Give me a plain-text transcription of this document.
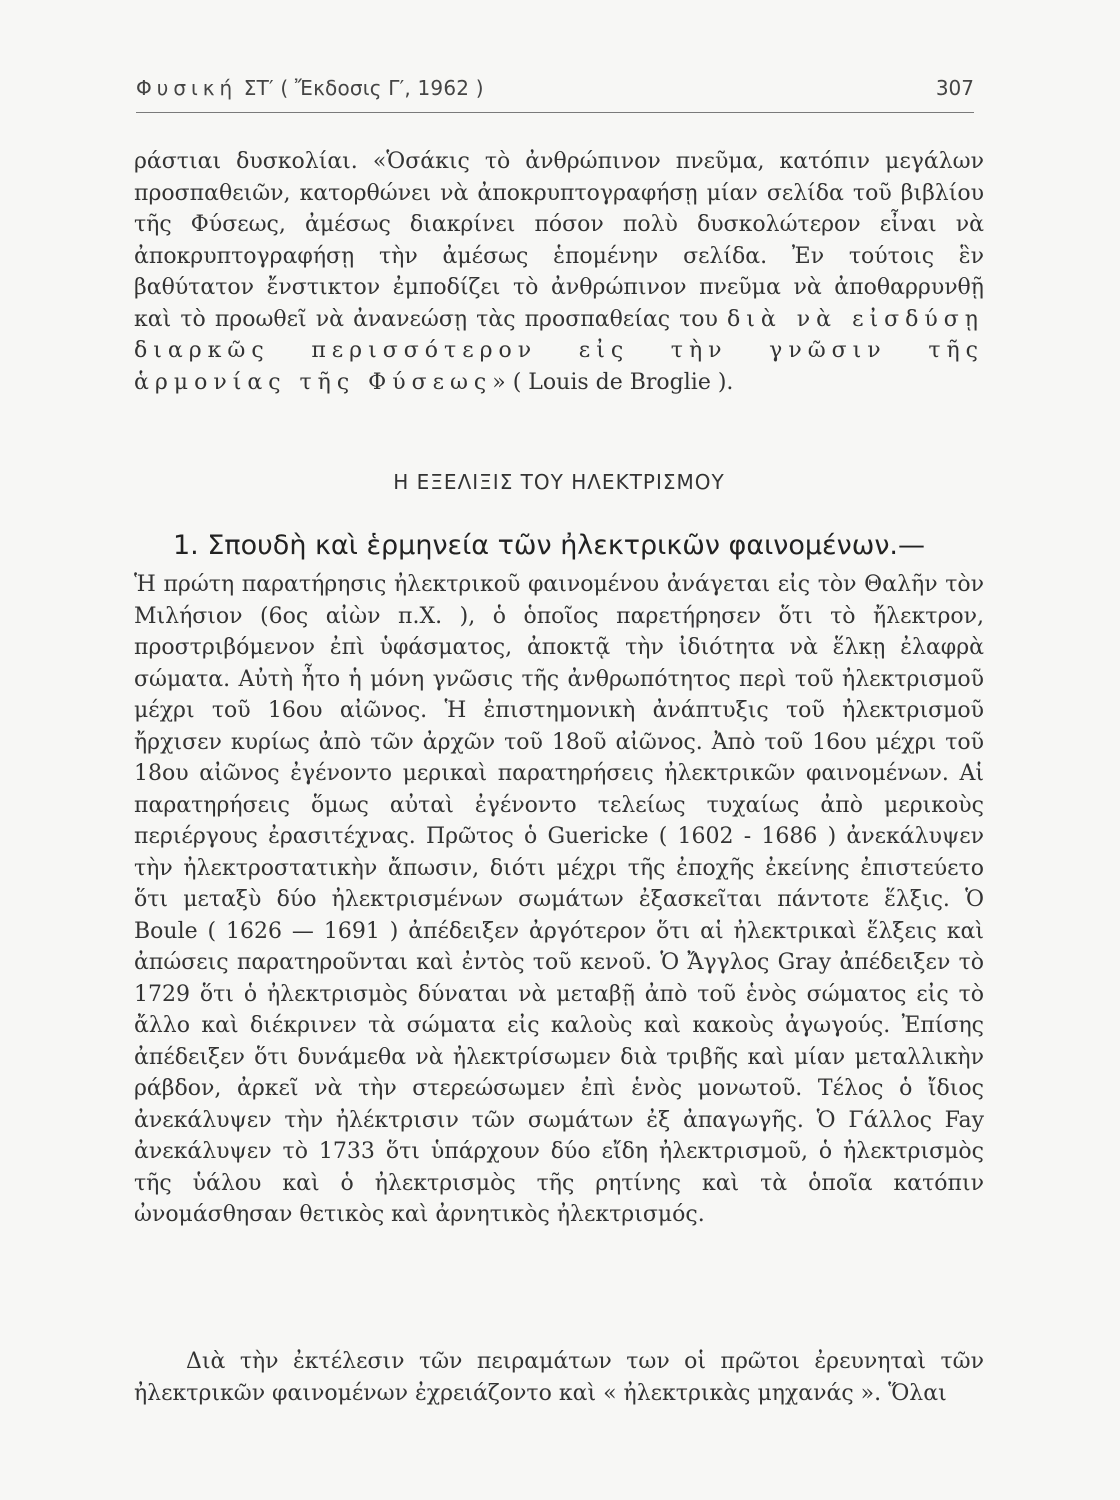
Φυσική ΣΤ′ ( Ἔκδοσις Γ′, 1962 )	307
ράστιαι δυσκολίαι. «Ὁσάκις τὸ ἀνθρώπινον πνεῦμα, κατόπιν μεγάλων προσπαθειῶν, κατορθώνει νὰ ἀποκρυπτογραφήσῃ μίαν σελίδα τοῦ βιβλίου τῆς Φύσεως, ἀμέσως διακρίνει πόσον πολὺ δυσκολώτερον εἶναι νὰ ἀποκρυπτογραφήσῃ τὴν ἀμέσως ἑπομένην σελίδα. Ἐν τούτοις ἓν βαθύτατον ἔνστικτον ἐμποδίζει τὸ ἀνθρώπινον πνεῦμα νὰ ἀποθαρρυνθῇ καὶ τὸ προωθεῖ νὰ ἀνανεώσῃ τὰς προσπαθείας του διὰ νὰ εἰσδύσῃ διαρκῶς περισσότερον εἰς τὴν γνῶσιν τῆς ἁρμονίας τῆς Φύσεως» ( Louis de Broglie ).
Η ΕΞΕΛΙΞΙΣ ΤΟΥ ΗΛΕΚΤΡΙΣΜΟΥ
1. Σπουδὴ καὶ ἑρμηνεία τῶν ἠλεκτρικῶν φαινομένων.—
Ἡ πρώτη παρατήρησις ἠλεκτρικοῦ φαινομένου ἀνάγεται εἰς τὸν Θαλῆν τὸν Μιλήσιον (6ος αἰὼν π.Χ. ), ὁ ὁποῖος παρετήρησεν ὅτι τὸ ἤλεκτρον, προστριβόμενον ἐπὶ ὑφάσματος, ἀποκτᾷ τὴν ἰδιότητα νὰ ἕλκῃ ἐλαφρὰ σώματα. Αὐτὴ ἦτο ἡ μόνη γνῶσις τῆς ἀνθρωπότητος περὶ τοῦ ἠλεκτρισμοῦ μέχρι τοῦ 16ου αἰῶνος. Ἡ ἐπιστημονικὴ ἀνάπτυξις τοῦ ἠλεκτρισμοῦ ἤρχισεν κυρίως ἀπὸ τῶν ἀρχῶν τοῦ 18οῦ αἰῶνος. Ἀπὸ τοῦ 16ου μέχρι τοῦ 18ου αἰῶνος ἐγένοντο μερικαὶ παρατηρήσεις ἠλεκτρικῶν φαινομένων. Αἱ παρατηρήσεις ὅμως αὐταὶ ἐγένοντο τελείως τυχαίως ἀπὸ μερικοὺς περιέργους ἐρασιτέχνας. Πρῶτος ὁ Guericke ( 1602 - 1686 ) ἀνεκάλυψεν τὴν ἠλεκτροστατικὴν ἄπωσιν, διότι μέχρι τῆς ἐποχῆς ἐκείνης ἐπιστεύετο ὅτι μεταξὺ δύο ἠλεκτρισμένων σωμάτων ἐξασκεῖται πάντοτε ἕλξις. Ὁ Boule ( 1626 — 1691 ) ἀπέδειξεν ἀργότερον ὅτι αἱ ἠλεκτρικαὶ ἕλξεις καὶ ἀπώσεις παρατηροῦνται καὶ ἐντὸς τοῦ κενοῦ. Ὁ Ἄγγλος Gray ἀπέδειξεν τὸ 1729 ὅτι ὁ ἠλεκτρισμὸς δύναται νὰ μεταβῇ ἀπὸ τοῦ ἑνὸς σώματος εἰς τὸ ἄλλο καὶ διέκρινεν τὰ σώματα εἰς καλοὺς καὶ κακοὺς ἀγωγούς. Ἐπίσης ἀπέδειξεν ὅτι δυνάμεθα νὰ ἠλεκτρίσωμεν διὰ τριβῆς καὶ μίαν μεταλλικὴν ράβδον, ἀρκεῖ νὰ τὴν στερεώσωμεν ἐπὶ ἑνὸς μονωτοῦ. Τέλος ὁ ἴδιος ἀνεκάλυψεν τὴν ἠλέκτρισιν τῶν σωμάτων ἐξ ἀπαγωγῆς. Ὁ Γάλλος Fay ἀνεκάλυψεν τὸ 1733 ὅτι ὑπάρχουν δύο εἴδη ἠλεκτρισμοῦ, ὁ ἠλεκτρισμὸς τῆς ὑάλου καὶ ὁ ἠλεκτρισμὸς τῆς ρητίνης καὶ τὰ ὁποῖα κατόπιν ὠνομάσθησαν θετικὸς καὶ ἀρνητικὸς ἠλεκτρισμός.
Διὰ τὴν ἐκτέλεσιν τῶν πειραμάτων των οἱ πρῶτοι ἐρευνηταὶ τῶν ἠλεκτρικῶν φαινομένων ἐχρειάζοντο καὶ « ἠλεκτρικὰς μηχανάς ». Ὅλαι
